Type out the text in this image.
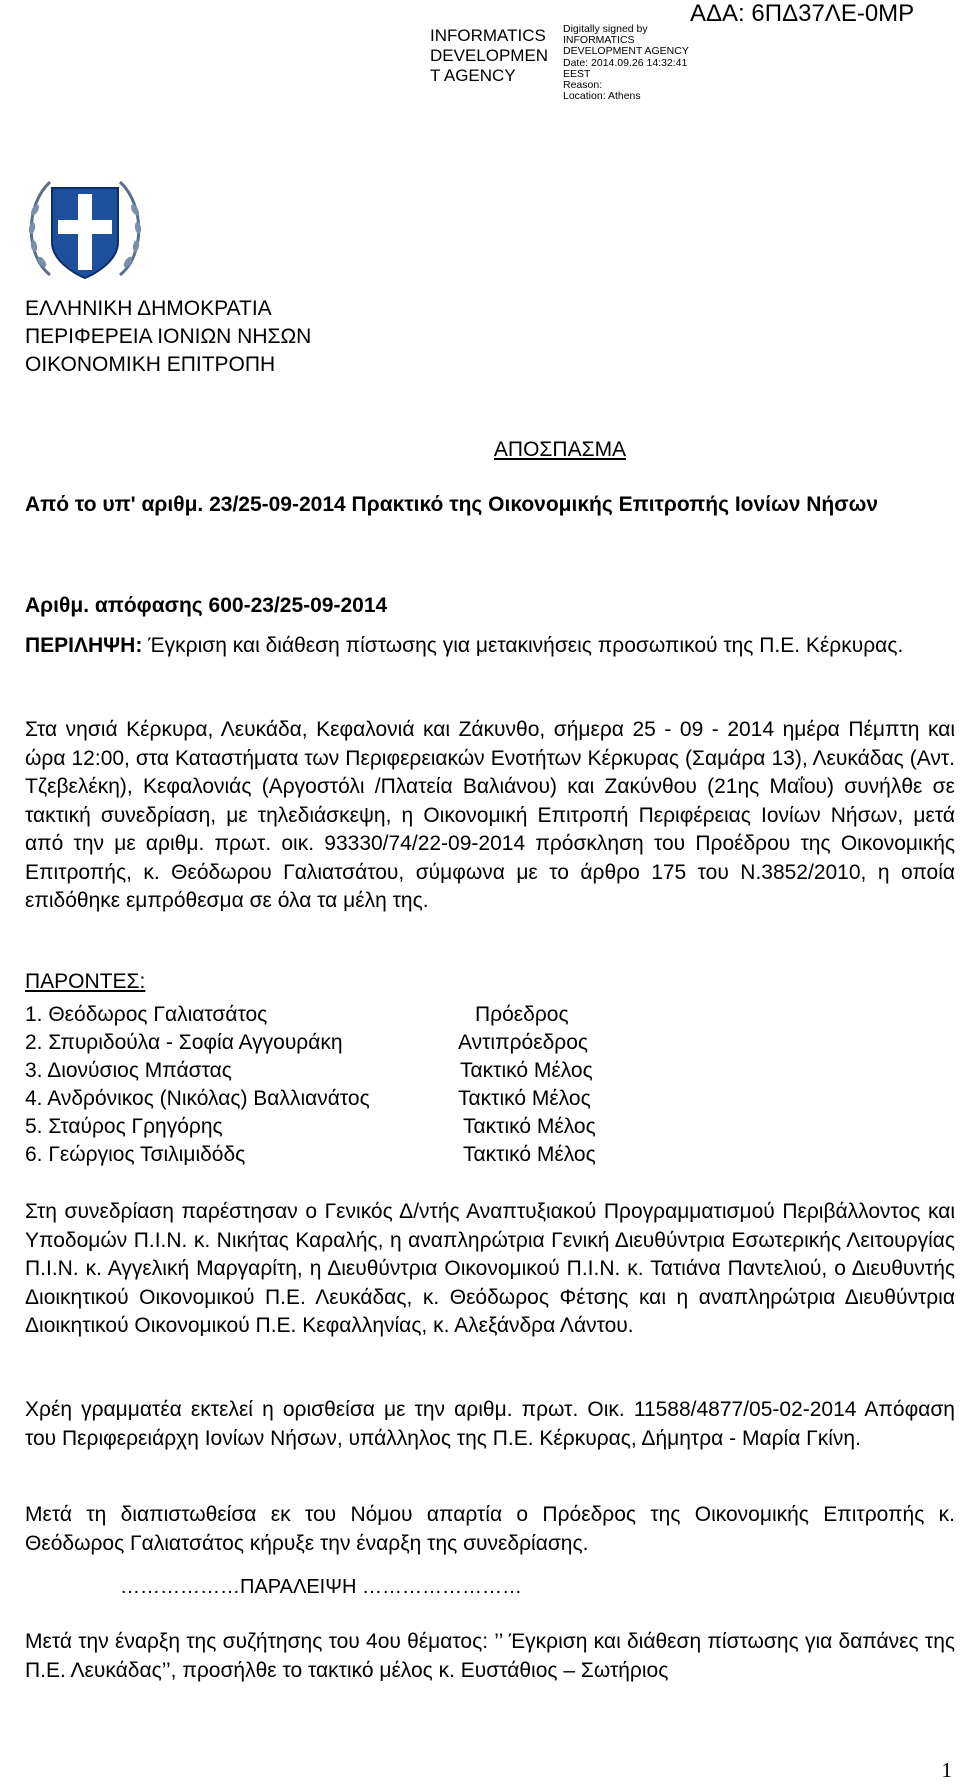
INFORMATICS
DEVELOPMEN
T AGENCY
Digitally signed by
INFORMATICS
DEVELOPMENT AGENCY
Date: 2014.09.26 14:32:41
EEST
Reason:
Location: Athens
ΑΔΑ: 6ΠΔ37ΛΕ-0ΜΡ
ΕΛΛΗΝΙΚΗ ΔΗΜΟΚΡΑΤΙΑ
ΠΕΡΙΦΕΡΕΙΑ ΙΟΝΙΩΝ ΝΗΣΩΝ
ΟΙΚΟΝΟΜΙΚΗ ΕΠΙΤΡΟΠΗ
ΑΠΟΣΠΑΣΜΑ

Από το υπ' αριθμ. 23/25-09-2014 Πρακτικό της Οικονομικής Επιτροπής Ιονίων Νήσων

Αριθμ. απόφασης 600-23/25-09-2014

ΠΕΡΙΛΗΨΗ: Έγκριση και διάθεση πίστωσης για μετακινήσεις προσωπικού της Π.Ε. Κέρκυρας.

Στα νησιά Κέρκυρα, Λευκάδα, Κεφαλονιά και Ζάκυνθο, σήμερα 25 - 09 - 2014 ημέρα Πέμπτη και ώρα 12:00, στα Καταστήματα των Περιφερειακών Ενοτήτων Κέρκυρας (Σαμάρα 13), Λευκάδας (Αντ. Τζεβελέκη), Κεφαλονιάς (Αργοστόλι /Πλατεία Βαλιάνου) και Ζακύνθου (21ης Μαΐου) συνήλθε σε τακτική συνεδρίαση, με τηλεδιάσκεψη, η Οικονομική Επιτροπή Περιφέρειας Ιονίων Νήσων, μετά από την με αριθμ. πρωτ. οικ. 93330/74/22-09-2014 πρόσκληση του Προέδρου της Οικονομικής Επιτροπής, κ. Θεόδωρου Γαλιατσάτου, σύμφωνα με το άρθρο 175 του Ν.3852/2010, η οποία επιδόθηκε εμπρόθεσμα σε όλα τα μέλη της.

ΠΑΡΟΝΤΕΣ:
1. Θεόδωρος Γαλιατσάτος	Πρόεδρος
2. Σπυριδούλα - Σοφία Αγγουράκη	Αντιπρόεδρος
3. Διονύσιος Μπάστας	Τακτικό Μέλος
4. Ανδρόνικος (Νικόλας) Βαλλιανάτος	Τακτικό Μέλος
5. Σταύρος Γρηγόρης	Τακτικό Μέλος
6. Γεώργιος Τσιλιμιδόδς	Τακτικό Μέλος

Στη συνεδρίαση παρέστησαν ο Γενικός Δ/ντής Αναπτυξιακού Προγραμματισμού Περιβάλλοντος και Υποδομών Π.Ι.Ν. κ. Νικήτας Καραλής, η αναπληρώτρια Γενική Διευθύντρια Εσωτερικής Λειτουργίας Π.Ι.Ν. κ. Αγγελική Μαργαρίτη, η Διευθύντρια Οικονομικού Π.Ι.Ν. κ. Τατιάνα Παντελιού, ο Διευθυντής Διοικητικού Οικονομικού Π.Ε. Λευκάδας, κ. Θεόδωρος Φέτσης και η αναπληρώτρια Διευθύντρια Διοικητικού Οικονομικού Π.Ε. Κεφαλληνίας, κ. Αλεξάνδρα Λάντου.

Χρέη γραμματέα εκτελεί η ορισθείσα με την αριθμ. πρωτ. Οικ. 11588/4877/05-02-2014 Απόφαση του Περιφερειάρχη Ιονίων Νήσων, υπάλληλος της Π.Ε. Κέρκυρας, Δήμητρα - Μαρία Γκίνη.

Μετά τη διαπιστωθείσα εκ του Νόμου απαρτία ο Πρόεδρος της Οικονομικής Επιτροπής κ. Θεόδωρος Γαλιατσάτος κήρυξε την έναρξη της συνεδρίασης.

………………ΠΑΡΑΛΕΙΨΗ ……………………

Μετά την έναρξη της συζήτησης του 4ου θέματος: ’’ Έγκριση και διάθεση πίστωσης για δαπάνες της Π.Ε. Λευκάδας’’, προσήλθε το τακτικό μέλος κ. Ευστάθιος – Σωτήριος

1
